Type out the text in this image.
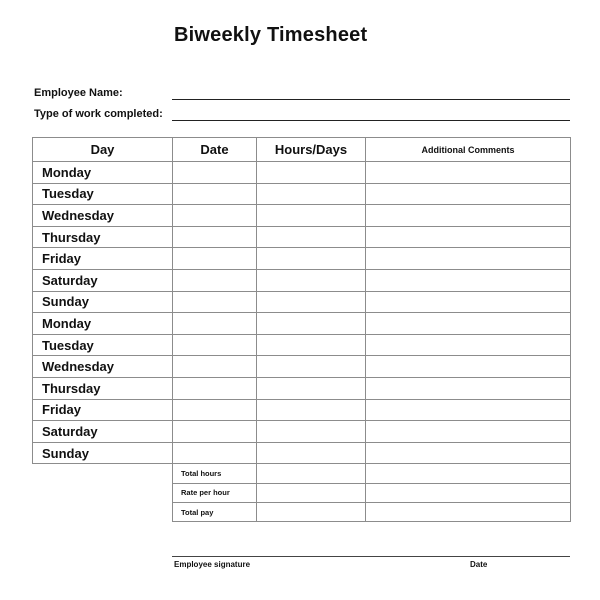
Biweekly Timesheet
Employee Name:
Type of work completed:
Day	Date	Hours/Days	Additional Comments
Monday			
Tuesday			
Wednesday			
Thursday			
Friday			
Saturday			
Sunday			
Monday			
Tuesday			
Wednesday			
Thursday			
Friday			
Saturday			
Sunday			
	Total hours		
	Rate per hour		
	Total pay		
Employee signature	Date
